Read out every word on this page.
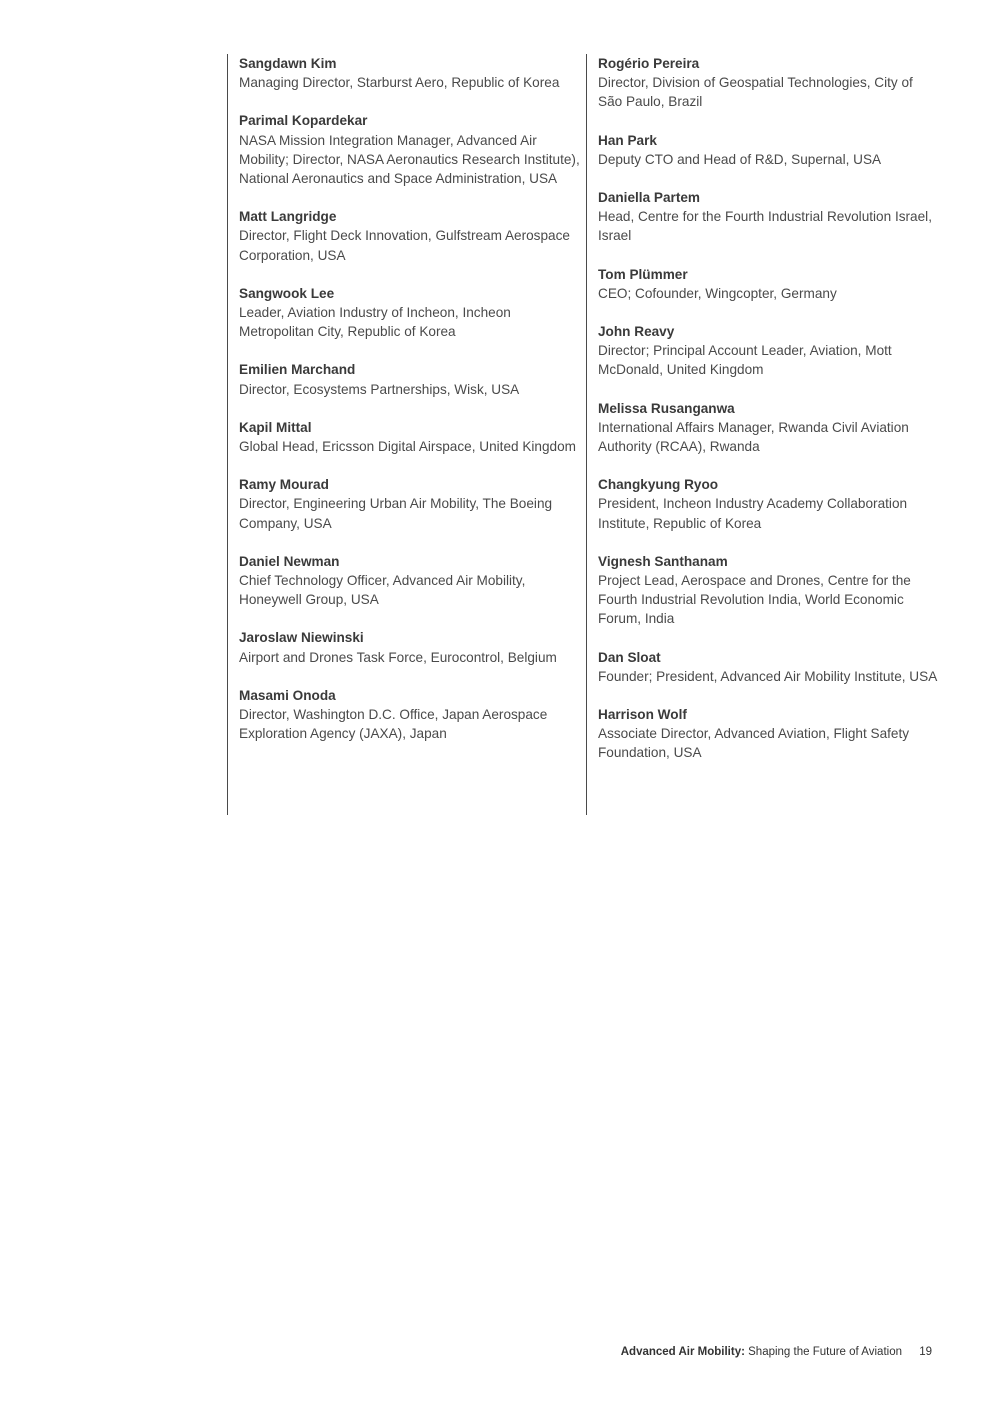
Sangdawn Kim
Managing Director, Starburst Aero, Republic of Korea
Parimal Kopardekar
NASA Mission Integration Manager, Advanced Air Mobility; Director, NASA Aeronautics Research Institute), National Aeronautics and Space Administration, USA
Matt Langridge
Director, Flight Deck Innovation, Gulfstream Aerospace Corporation, USA
Sangwook Lee
Leader, Aviation Industry of Incheon, Incheon Metropolitan City, Republic of Korea
Emilien Marchand
Director, Ecosystems Partnerships, Wisk, USA
Kapil Mittal
Global Head, Ericsson Digital Airspace, United Kingdom
Ramy Mourad
Director, Engineering Urban Air Mobility, The Boeing Company, USA
Daniel Newman
Chief Technology Officer, Advanced Air Mobility, Honeywell Group, USA
Jaroslaw Niewinski
Airport and Drones Task Force, Eurocontrol, Belgium
Masami Onoda
Director, Washington D.C. Office, Japan Aerospace Exploration Agency (JAXA), Japan
Rogério Pereira
Director, Division of Geospatial Technologies, City of São Paulo, Brazil
Han Park
Deputy CTO and Head of R&D, Supernal, USA
Daniella Partem
Head, Centre for the Fourth Industrial Revolution Israel, Israel
Tom Plümmer
CEO; Cofounder, Wingcopter, Germany
John Reavy
Director; Principal Account Leader, Aviation, Mott McDonald, United Kingdom
Melissa Rusanganwa
International Affairs Manager, Rwanda Civil Aviation Authority (RCAA), Rwanda
Changkyung Ryoo
President, Incheon Industry Academy Collaboration Institute, Republic of Korea
Vignesh Santhanam
Project Lead, Aerospace and Drones, Centre for the Fourth Industrial Revolution India, World Economic Forum, India
Dan Sloat
Founder; President, Advanced Air Mobility Institute, USA
Harrison Wolf
Associate Director, Advanced Aviation, Flight Safety Foundation, USA
Advanced Air Mobility: Shaping the Future of Aviation 19
